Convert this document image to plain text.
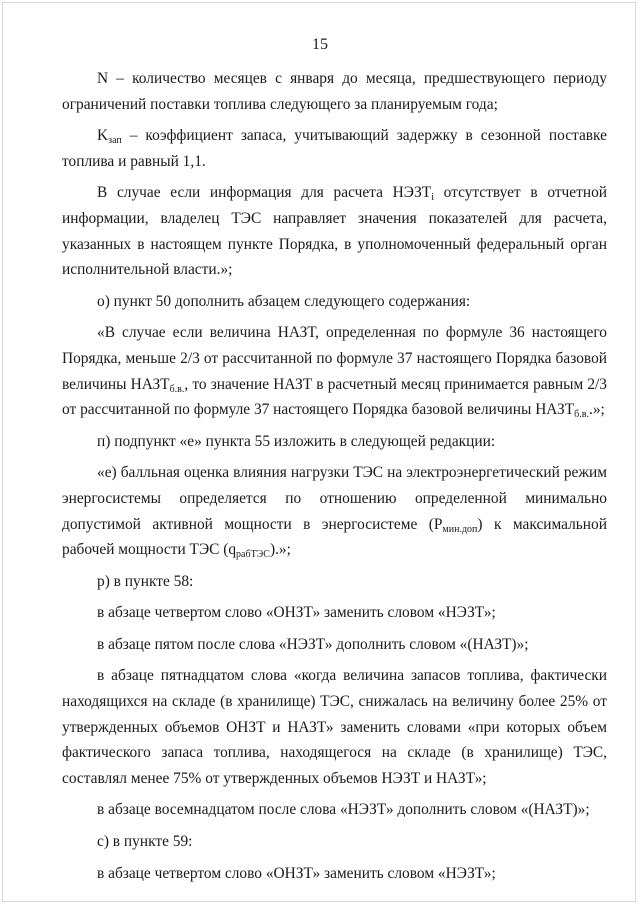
15

N – количество месяцев с января до месяца, предшествующего периоду ограничений поставки топлива следующего за планируемым года;

$K_{зап}$ – коэффициент запаса, учитывающий задержку в сезонной поставке топлива и равный 1,1.

В случае если информация для расчета $НЭЗТ_i$ отсутствует в отчетной информации, владелец ТЭС направляет значения показателей для расчета, указанных в настоящем пункте Порядка, в уполномоченный федеральный орган исполнительной власти.»;

о) пункт 50 дополнить абзацем следующего содержания:

«В случае если величина НАЗТ, определенная по формуле 36 настоящего Порядка, меньше 2/3 от рассчитанной по формуле 37 настоящего Порядка базовой величины $НАЗТ_{б.в.}$, то значение НАЗТ в расчетный месяц принимается равным 2/3 от рассчитанной по формуле 37 настоящего Порядка базовой величины $НАЗТ_{б.в.}$.»;

п) подпункт «е» пункта 55 изложить в следующей редакции:

«е) балльная оценка влияния нагрузки ТЭС на электроэнергетический режим энергосистемы определяется по отношению определенной минимально допустимой активной мощности в энергосистеме $(P_{мин.доп})$ к максимальной рабочей мощности ТЭС $(q_{рабТЭС})$.»;

р) в пункте 58:

в абзаце четвертом слово «ОНЗТ» заменить словом «НЭЗТ»;

в абзаце пятом после слова «НЭЗТ» дополнить словом «(НАЗТ)»;

в абзаце пятнадцатом слова «когда величина запасов топлива, фактически находящихся на складе (в хранилище) ТЭС, снижалась на величину более 25% от утвержденных объемов ОНЗТ и НАЗТ» заменить словами «при которых объем фактического запаса топлива, находящегося на складе (в хранилище) ТЭС, составлял менее 75% от утвержденных объемов НЭЗТ и НАЗТ»;

в абзаце восемнадцатом после слова «НЭЗТ» дополнить словом «(НАЗТ)»;

с) в пункте 59:

в абзаце четвертом слово «ОНЗТ» заменить словом «НЭЗТ»;
